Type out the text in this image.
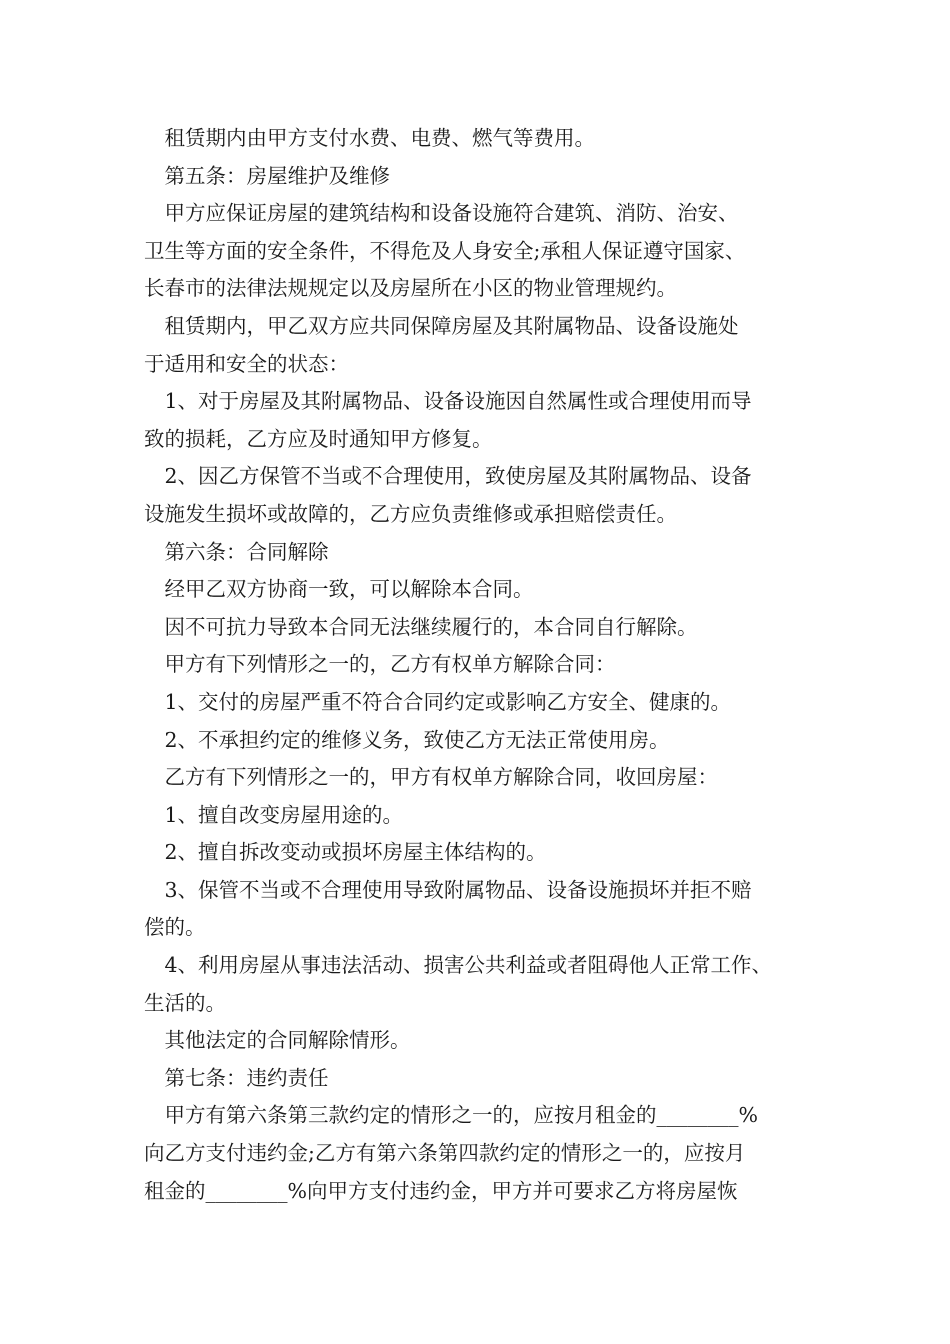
　租赁期内由甲方支付水费、电费、燃气等费用。
　第五条：房屋维护及维修
　甲方应保证房屋的建筑结构和设备设施符合建筑、消防、治安、
卫生等方面的安全条件，不得危及人身安全;承租人保证遵守国家、
长春市的法律法规规定以及房屋所在小区的物业管理规约。
　租赁期内，甲乙双方应共同保障房屋及其附属物品、设备设施处
于适用和安全的状态：
　1、对于房屋及其附属物品、设备设施因自然属性或合理使用而导
致的损耗，乙方应及时通知甲方修复。
　2、因乙方保管不当或不合理使用，致使房屋及其附属物品、设备
设施发生损坏或故障的，乙方应负责维修或承担赔偿责任。
　第六条：合同解除
　经甲乙双方协商一致，可以解除本合同。
　因不可抗力导致本合同无法继续履行的，本合同自行解除。
　甲方有下列情形之一的，乙方有权单方解除合同：
　1、交付的房屋严重不符合合同约定或影响乙方安全、健康的。
　2、不承担约定的维修义务，致使乙方无法正常使用房。
　乙方有下列情形之一的，甲方有权单方解除合同，收回房屋：
　1、擅自改变房屋用途的。
　2、擅自拆改变动或损坏房屋主体结构的。
　3、保管不当或不合理使用导致附属物品、设备设施损坏并拒不赔
偿的。
　4、利用房屋从事违法活动、损害公共利益或者阻碍他人正常工作、
生活的。
　其他法定的合同解除情形。
　第七条：违约责任
　甲方有第六条第三款约定的情形之一的，应按月租金的________%
向乙方支付违约金;乙方有第六条第四款约定的情形之一的，应按月
租金的________%向甲方支付违约金，甲方并可要求乙方将房屋恢
